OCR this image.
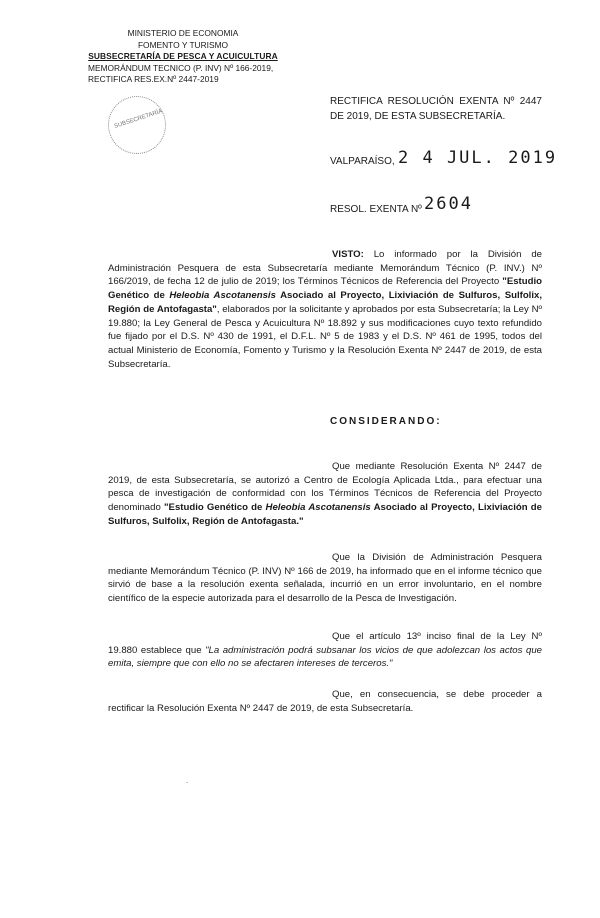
MINISTERIO DE ECONOMIA
FOMENTO Y TURISMO
SUBSECRETARÍA DE PESCA Y ACUICULTURA
MEMORÁNDUM TECNICO (P. INV) Nº 166-2019,
RECTIFICA RES.EX.Nº 2447-2019
SUBSECRETARÍA
RECTIFICA RESOLUCIÓN EXENTA Nº 2447 DE 2019, DE ESTA SUBSECRETARÍA.
VALPARAÍSO, 2 4 JUL. 2019
RESOL. EXENTA Nº 2604
VISTO: Lo informado por la División de Administración Pesquera de esta Subsecretaría mediante Memorándum Técnico (P. INV.) Nº 166/2019, de fecha 12 de julio de 2019; los Términos Técnicos de Referencia del Proyecto "Estudio Genético de Heleobia Ascotanensis Asociado al Proyecto, Lixiviación de Sulfuros, Sulfolix, Región de Antofagasta", elaborados por la solicitante y aprobados por esta Subsecretaría; la Ley Nº 19.880; la Ley General de Pesca y Acuicultura Nº 18.892 y sus modificaciones cuyo texto refundido fue fijado por el D.S. Nº 430 de 1991, el D.F.L. Nº 5 de 1983 y el D.S. Nº 461 de 1995, todos del actual Ministerio de Economía, Fomento y Turismo y la Resolución Exenta Nº 2447 de 2019, de esta Subsecretaría.
CONSIDERANDO:
Que mediante Resolución Exenta Nº 2447 de 2019, de esta Subsecretaría, se autorizó a Centro de Ecología Aplicada Ltda., para efectuar una pesca de investigación de conformidad con los Términos Técnicos de Referencia del Proyecto denominado "Estudio Genético de Heleobia Ascotanensis Asociado al Proyecto, Lixiviación de Sulfuros, Sulfolix, Región de Antofagasta."
Que la División de Administración Pesquera mediante Memorándum Técnico (P. INV) Nº 166 de 2019, ha informado que en el informe técnico que sirvió de base a la resolución exenta señalada, incurrió en un error involuntario, en el nombre científico de la especie autorizada para el desarrollo de la Pesca de Investigación.
Que el artículo 13º inciso final de la Ley Nº 19.880 establece que "La administración podrá subsanar los vicios de que adolezcan los actos que emita, siempre que con ello no se afectaren intereses de terceros."
Que, en consecuencia, se debe proceder a rectificar la Resolución Exenta Nº 2447 de 2019, de esta Subsecretaría.
.
